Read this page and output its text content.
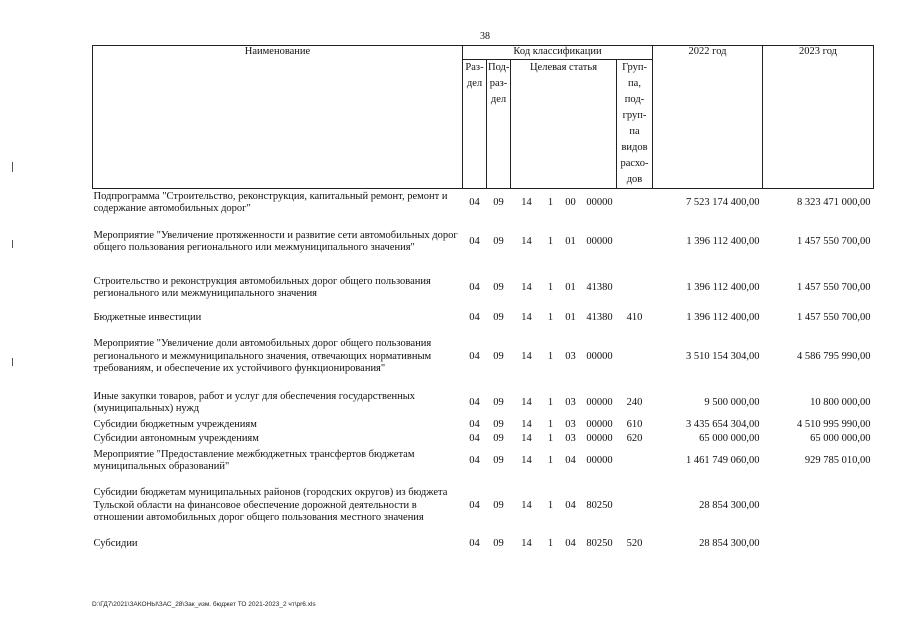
38
Наименование	Код классификации							2022 год	2023 год
	Раз-дел	Под-раз-дел	Целевая статья				Груп-па, под-груп-па видов расхо-дов		
Подпрограмма "Строительство, реконструкция, капитальный ремонт, ремонт и содержание автомобильных дорог"	04	09	14	1	00	00000		7 523 174 400,00	8 323 471 000,00
Мероприятие "Увеличение протяженности и развитие сети автомобильных дорог общего пользования регионального или межмуниципального значения"	04	09	14	1	01	00000		1 396 112 400,00	1 457 550 700,00
Строительство и реконструкция автомобильных дорог общего пользования регионального или межмуниципального значения	04	09	14	1	01	41380		1 396 112 400,00	1 457 550 700,00
Бюджетные инвестиции	04	09	14	1	01	41380	410	1 396 112 400,00	1 457 550 700,00
Мероприятие "Увеличение доли автомобильных дорог общего пользования регионального и межмуниципального значения, отвечающих нормативным требованиям, и обеспечение их устойчивого функционирования"	04	09	14	1	03	00000		3 510 154 304,00	4 586 795 990,00
Иные закупки товаров, работ и услуг для обеспечения государственных (муниципальных) нужд	04	09	14	1	03	00000	240	9 500 000,00	10 800 000,00
Субсидии бюджетным учреждениям	04	09	14	1	03	00000	610	3 435 654 304,00	4 510 995 990,00
Субсидии автономным учреждениям	04	09	14	1	03	00000	620	65 000 000,00	65 000 000,00
Мероприятие "Предоставление межбюджетных трансфертов бюджетам муниципальных образований"	04	09	14	1	04	00000		1 461 749 060,00	929 785 010,00
Субсидии бюджетам муниципальных районов (городских округов) из бюджета Тульской области на финансовое обеспечение дорожной деятельности в отношении автомобильных дорог общего пользования местного значения	04	09	14	1	04	80250		28 854 300,00	
Субсидии	04	09	14	1	04	80250	520	28 854 300,00	
D:\ГД7\2021\ЗАКОНЫ\ЗАС_28\Зак_изм. бюджет ТО 2021-2023_2 чт\pr6.xls
